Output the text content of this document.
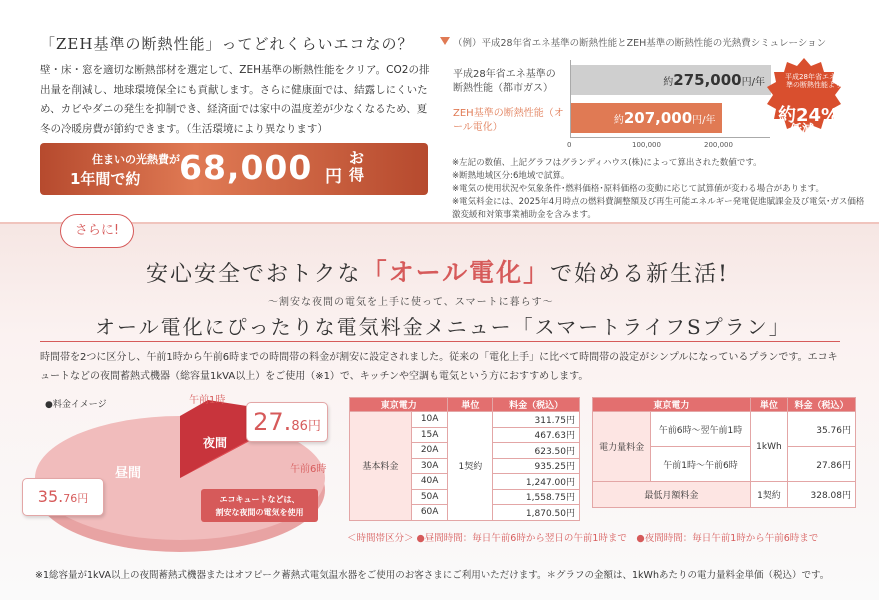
「ZEH基準の断熱性能」ってどれくらいエコなの？
壁・床・窓を適切な断熱部材を選定して、ZEH基準の断熱性能をクリア。CO2の排出量を削減し、地球環境保全にも貢献します。さらに健康面では、結露しにくいため、カビやダニの発生を抑制でき、経済面では家中の温度差が少なくなるため、夏冬の冷暖房費が節約できます。（生活環境により異なります）
住まいの光熱費が
1年間で約 68,000 円
お得
（例）平成28年省エネ基準の断熱性能とZEH基準の断熱性能の光熱費シミュレーション
平成28年省エネ基準の断熱性能（都市ガス）
ZEH基準の断熱性能（オール電化）
約 275,000 円/年
約 207,000 円/年
0	100,000	200,000
平成28年省エネ基準の断熱性能より
約24%
低減
※左記の数値、上記グラフはグランディハウス(株)によって算出された数値です。
※断熱地域区分:6地域で試算。
※電気の使用状況や気象条件･燃料価格･原料価格の変動に応じて試算値が変わる場合があります。
※電気料金には、2025年4月時点の燃料費調整額及び再生可能エネルギー発電促進賦課金及び電気･ガス価格激変緩和対策事業補助金を含みます。
さらに!
安心安全でおトクな「オール電化」で始める新生活!
〜割安な夜間の電気を上手に使って、スマートに暮らす〜
オール電化にぴったりな電気料金メニュー「スマートライフSプラン」
時間帯を2つに区分し、午前1時から午前6時までの時間帯の料金が割安に設定されました。従来の「電化上手」に比べて時間帯の設定がシンプルになっているプランです。エコキュートなどの夜間蓄熱式機器（総容量1kVA以上）をご使用（※1）で、キッチンや空調も電気という方におすすめします。
●料金イメージ	午前1時
午前6時
夜間
昼間
27.86円
35.76円	エコキュートなどは、
割安な夜間の電気を使用
東京電力		単位	料金（税込）
基本料金	10A	1契約	311.75円
	15A		467.63円
	20A		623.50円
	30A		935.25円
	40A		1,247.00円
	50A		1,558.75円
	60A		1,870.50円
東京電力		単位	料金（税込）
電力量料金	午前6時〜翌午前1時	1kWh	35.76円
	午前1時〜午前6時		27.86円
最低月額料金		1契約	328.08円
＜時間帯区分＞ ●昼間時間：毎日午前6時から翌日の午前1時まで　●夜間時間：毎日午前1時から午前6時まで
※1総容量が1kVA以上の夜間蓄熱式機器またはオフピーク蓄熱式電気温水器をご使用のお客さまにご利用いただけます。＊グラフの金額は、1kWhあたりの電力量料金単価（税込）です。
